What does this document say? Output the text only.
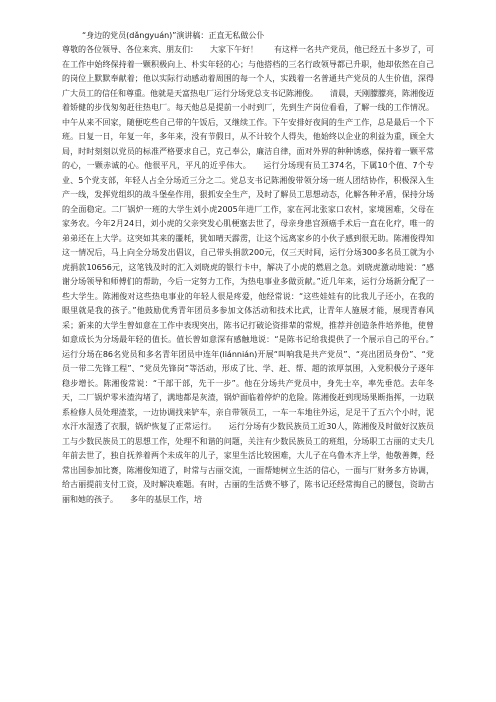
“身边的党员(dǎngyuán)”演讲稿：正直无私做公仆

尊敬的各位领导、各位来宾、朋友们：　　大家下午好！　　有这样一名共产党员，他已经五十多岁了，可在工作中始终保持着一颗积极向上、朴实年轻的心；与他搭档的三名行政领导都已升职，他却依然在自己的岗位上默默奉献着；他以实际行动感动着周围的每一个人，实践着一名普通共产党员的人生价值，深得广大员工的信任和尊重。他就是天富热电厂运行分场党总支书记陈湘俊。　　清晨，天刚朦朦亮，陈湘俊迈着矫健的步伐匆匆赶往热电厂。每天他总是提前一小时到厂，先到生产岗位看看，了解一线的工作情况。中午从来不回家，随便吃些自己带的午饭后，又继续工作。下午安排好夜间的生产工作，总是最后一个下班。日复一日，年复一年，多年来，没有节假日，从不计较个人得失，他始终以企业的利益为重，顾全大局，时时刻刻以党员的标准严格要求自己，克己奉公，廉洁自律，面对外界的种种诱惑，保持着一颗平常的心，一颗赤诚的心。他很平凡，平凡的近乎伟大。　　运行分场现有员工374名，下属10个值、7个专业、5个党支部，年轻人占全分场近三分之二。党总支书记陈湘俊带领分场一班人团结协作，积极深入生产一线，发挥党组织的战斗堡垒作用，狠抓安全生产，及时了解员工思想动态，化解各种矛盾，保持分场的全面稳定。二厂锅炉一班的大学生刘小虎2005年进厂工作，家在河北张家口农村，家境困难，父母在家务农。今年2月24日，刘小虎的父亲突发心肌梗塞去世了，母亲身患宫颈癌手术后一直在化疗，唯一的弟弟还在上大学。这突如其来的噩耗，犹如晴天霹雳，让这个远离家乡的小伙子感到很无助。陈湘俊得知这一情况后，马上向全分场发出倡议，自己带头捐款200元，仅三天时间，运行分场300多名员工就为小虎捐款10656元，这笔钱及时的汇入刘晓虎的银行卡中，解决了小虎的燃眉之急。刘晓虎激动地说：“感谢分场领导和师傅们的帮助，今后一定努力工作，为热电事业多做贡献。”近几年来，运行分场新分配了一些大学生。陈湘俊对这些热电事业的年轻人很是疼爱，他经常说：“这些娃娃有的比我儿子还小，在我的眼里就是我的孩子。”他鼓励优秀青年团员多参加文体活动和技术比武，让青年人施展才能，展现青春风采；新来的大学生曾如意在工作中表现突出，陈书记打破论资排辈的常规，推荐并创造条件培养他，使曾如意成长为分场最年轻的值长。值长曾如意深有感触地说：“是陈书记给我提供了一个展示自己的平台。”　　运行分场在86名党员和多名青年团员中连年(liánnián)开展“叫响我是共产党员”、“亮出团员身份”、“党员一带二先锋工程”、“党员先锋岗”等活动，形成了比、学、赶、帮、超的浓厚氛围，入党积极分子逐年稳步增长。陈湘俊常说：“干部干部，先干一步”。他在分场共产党员中，身先士卒，率先垂范。去年冬天，二厂锅炉零米渣沟堵了，满地都是灰渣，锅炉面临着停炉的危险。陈湘俊赶到现场果断指挥，一边联系检修人员处理渣浆，一边协调找来铲车，亲自带领员工，一车一车地往外运，足足干了五六个小时，泥水汗水湿透了衣服，锅炉恢复了正常运行。　　运行分场有少数民族员工近30人，陈湘俊及时做好汉族员工与少数民族员工的思想工作，处理不和谐的问题，关注有少数民族员工的班组，分场职工古丽的丈夫几年前去世了，独自抚养着两个未成年的儿子，家里生活比较困难，大儿子在乌鲁木齐上学，他敬善舞，经常出国参加比赛，陈湘俊知道了，时常与古丽交流，一面帮她树立生活的信心，一面与厂财务多方协调，给古丽提前支付工资，及时解决难题。有时，古丽的生活费不够了，陈书记还经常掏自己的腰包，资助古丽和她的孩子。　　多年的基层工作，培
